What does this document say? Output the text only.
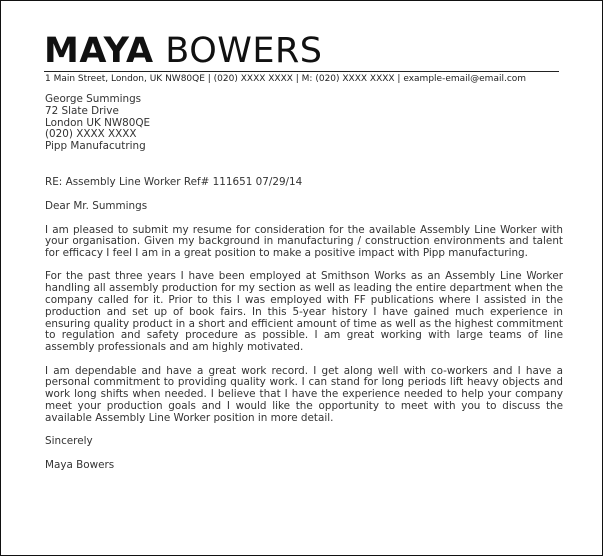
MAYA BOWERS
1 Main Street, London, UK NW80QE | (020) XXXX XXXX | M: (020) XXXX XXXX | example-email@email.com

George Summings
72 Slate Drive
London UK NW80QE
(020) XXXX XXXX
Pipp Manufacutring

RE: Assembly Line Worker Ref# 111651 07/29/14

Dear Mr. Summings

I am pleased to submit my resume for consideration for the available Assembly Line Worker with your organisation. Given my background in manufacturing / construction environments and talent for efficacy I feel I am in a great position to make a positive impact with Pipp manufacturing.

For the past three years I have been employed at Smithson Works as an Assembly Line Worker handling all assembly production for my section as well as leading the entire department when the company called for it. Prior to this I was employed with FF publications where I assisted in the production and set up of book fairs. In this 5-year history I have gained much experience in ensuring quality product in a short and efficient amount of time as well as the highest commitment to regulation and safety procedure as possible. I am great working with large teams of line assembly professionals and am highly motivated.

I am dependable and have a great work record. I get along well with co-workers and I have a personal commitment to providing quality work. I can stand for long periods lift heavy objects and work long shifts when needed. I believe that I have the experience needed to help your company meet your production goals and I would like the opportunity to meet with you to discuss the available Assembly Line Worker position in more detail.

Sincerely

Maya Bowers
